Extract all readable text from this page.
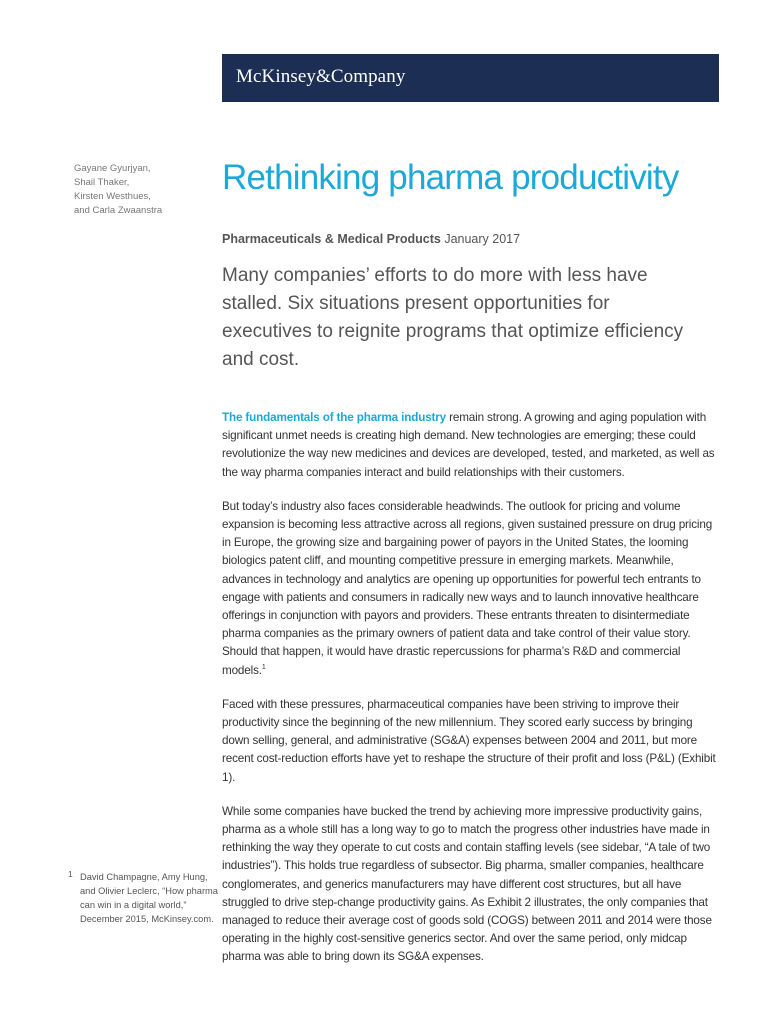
McKinsey&Company
Gayane Gyurjyan,
Shail Thaker,
Kirsten Westhues,
and Carla Zwaanstra
Rethinking pharma productivity
Pharmaceuticals & Medical Products January 2017

Many companies’ efforts to do more with less have stalled. Six situations present opportunities for executives to reignite programs that optimize efficiency and cost.

The fundamentals of the pharma industry remain strong. A growing and aging population with significant unmet needs is creating high demand. New technologies are emerging; these could revolutionize the way new medicines and devices are developed, tested, and marketed, as well as the way pharma companies interact and build relationships with their customers.

But today’s industry also faces considerable headwinds. The outlook for pricing and volume expansion is becoming less attractive across all regions, given sustained pressure on drug pricing in Europe, the growing size and bargaining power of payors in the United States, the looming biologics patent cliff, and mounting competitive pressure in emerging markets. Meanwhile, advances in technology and analytics are opening up opportunities for powerful tech entrants to engage with patients and consumers in radically new ways and to launch innovative healthcare offerings in conjunction with payors and providers. These entrants threaten to disintermediate pharma companies as the primary owners of patient data and take control of their value story. Should that happen, it would have drastic repercussions for pharma’s R&D and commercial models.$^1$

Faced with these pressures, pharmaceutical companies have been striving to improve their productivity since the beginning of the new millennium. They scored early success by bringing down selling, general, and administrative (SG&A) expenses between 2004 and 2011, but more recent cost-reduction efforts have yet to reshape the structure of their profit and loss (P&L) (Exhibit 1).

While some companies have bucked the trend by achieving more impressive productivity gains, pharma as a whole still has a long way to go to match the progress other industries have made in rethinking the way they operate to cut costs and contain staffing levels (see sidebar, “A tale of two industries”). This holds true regardless of subsector. Big pharma, smaller companies, healthcare conglomerates, and generics manufacturers may have different cost structures, but all have struggled to drive step-change productivity gains. As Exhibit 2 illustrates, the only companies that managed to reduce their average cost of goods sold (COGS) between 2011 and 2014 were those operating in the highly cost-sensitive generics sector. And over the same period, only midcap pharma was able to bring down its SG&A expenses.

1 David Champagne, Amy Hung, and Olivier Leclerc, “How pharma can win in a digital world,” December 2015, McKinsey.com.
